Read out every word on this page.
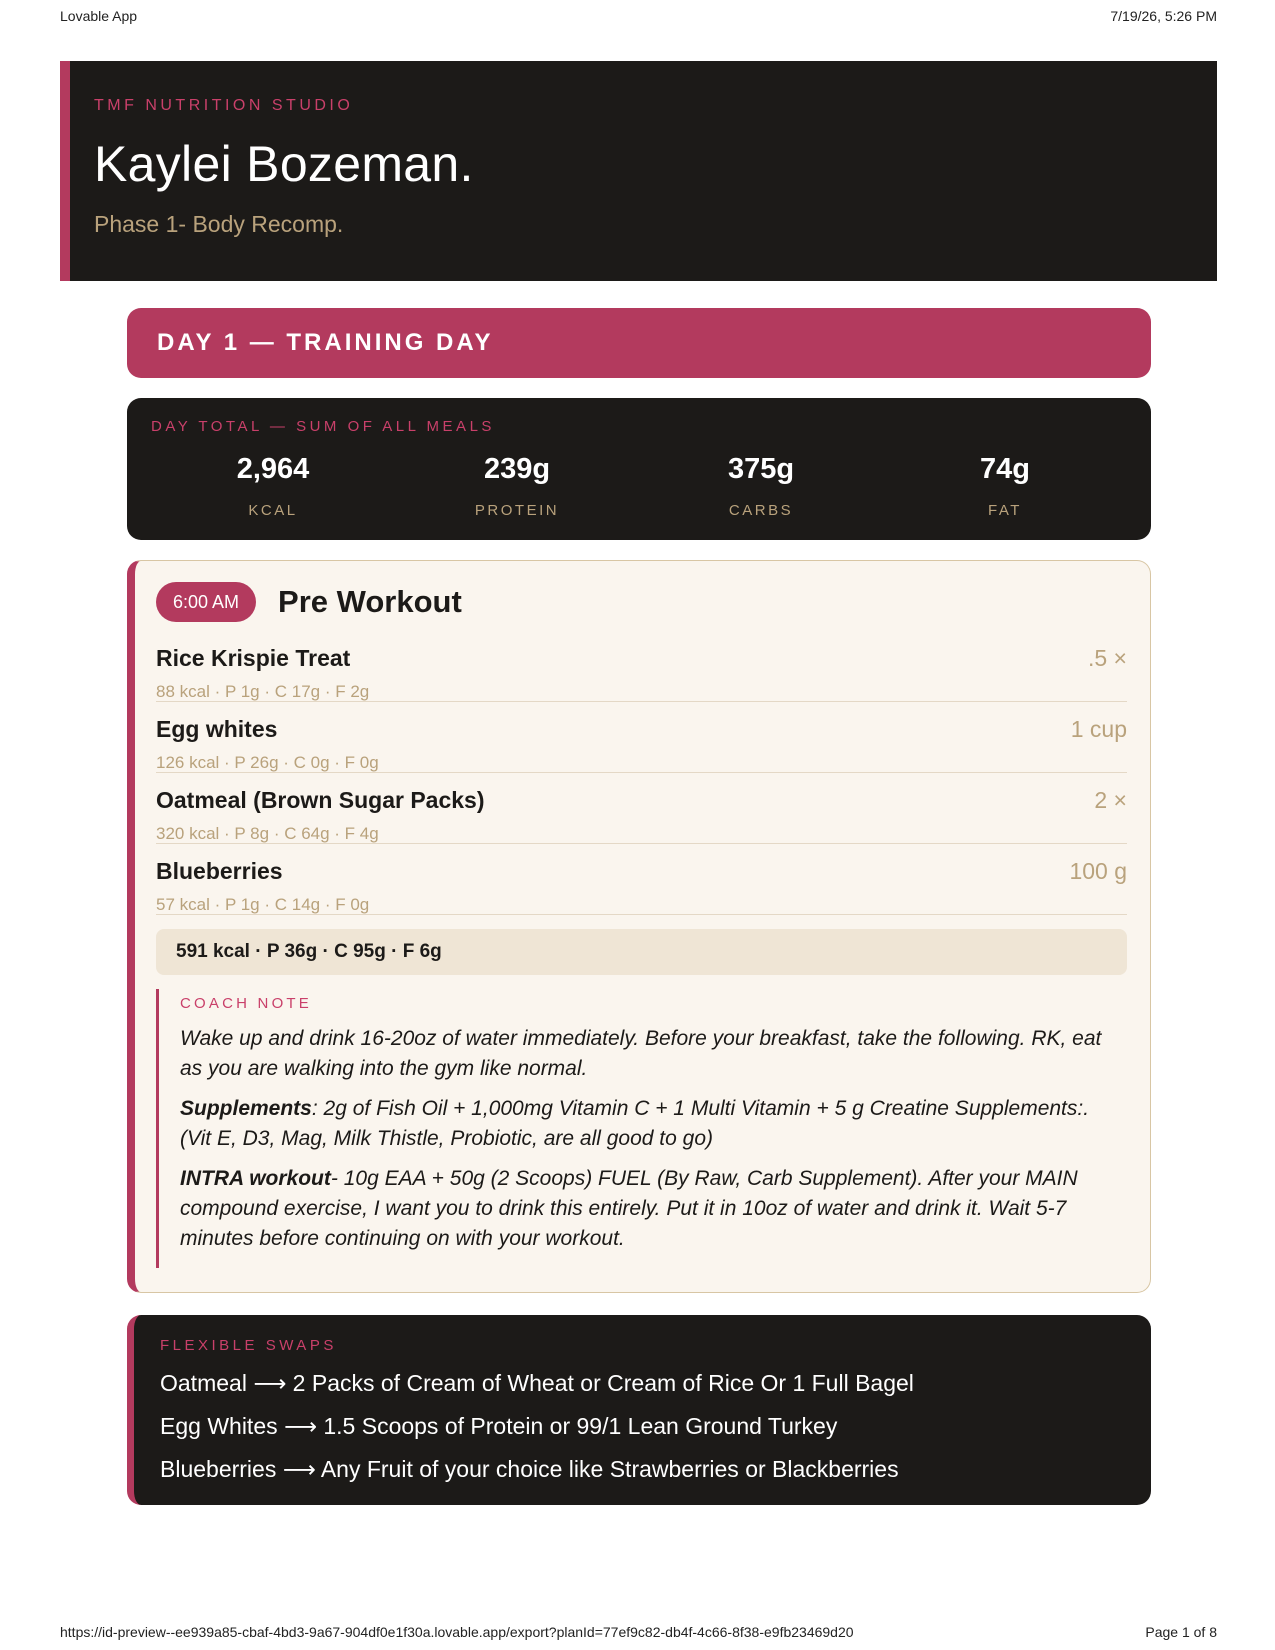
Lovable App	7/19/26, 5:26 PM
TMF NUTRITION STUDIO
Kaylei Bozeman.
Phase 1- Body Recomp.
DAY 1 — TRAINING DAY
DAY TOTAL — SUM OF ALL MEALS
2,964
KCAL
239g
PROTEIN
375g
CARBS
74g
FAT
6:00 AM	Pre Workout
Rice Krispie Treat	.5 ×
88 kcal · P 1g · C 17g · F 2g
Egg whites	1 cup
126 kcal · P 26g · C 0g · F 0g
Oatmeal (Brown Sugar Packs)	2 ×
320 kcal · P 8g · C 64g · F 4g
Blueberries	100 g
57 kcal · P 1g · C 14g · F 0g
591 kcal · P 36g · C 95g · F 6g
COACH NOTE

Wake up and drink 16-20oz of water immediately. Before your breakfast, take the following. RK, eat as you are walking into the gym like normal.

Supplements: 2g of Fish Oil + 1,000mg Vitamin C + 1 Multi Vitamin + 5 g Creatine Supplements:. (Vit E, D3, Mag, Milk Thistle, Probiotic, are all good to go)

INTRA workout- 10g EAA + 50g (2 Scoops) FUEL (By Raw, Carb Supplement). After your MAIN compound exercise, I want you to drink this entirely. Put it in 10oz of water and drink it. Wait 5-7 minutes before continuing on with your workout.

FLEXIBLE SWAPS
Oatmeal ⟶ 2 Packs of Cream of Wheat or Cream of Rice Or 1 Full Bagel
Egg Whites ⟶ 1.5 Scoops of Protein or 99/1 Lean Ground Turkey
Blueberries ⟶ Any Fruit of your choice like Strawberries or Blackberries
https://id-preview--ee939a85-cbaf-4bd3-9a67-904df0e1f30a.lovable.app/export?planId=77ef9c82-db4f-4c66-8f38-e9fb23469d20	Page 1 of 8
